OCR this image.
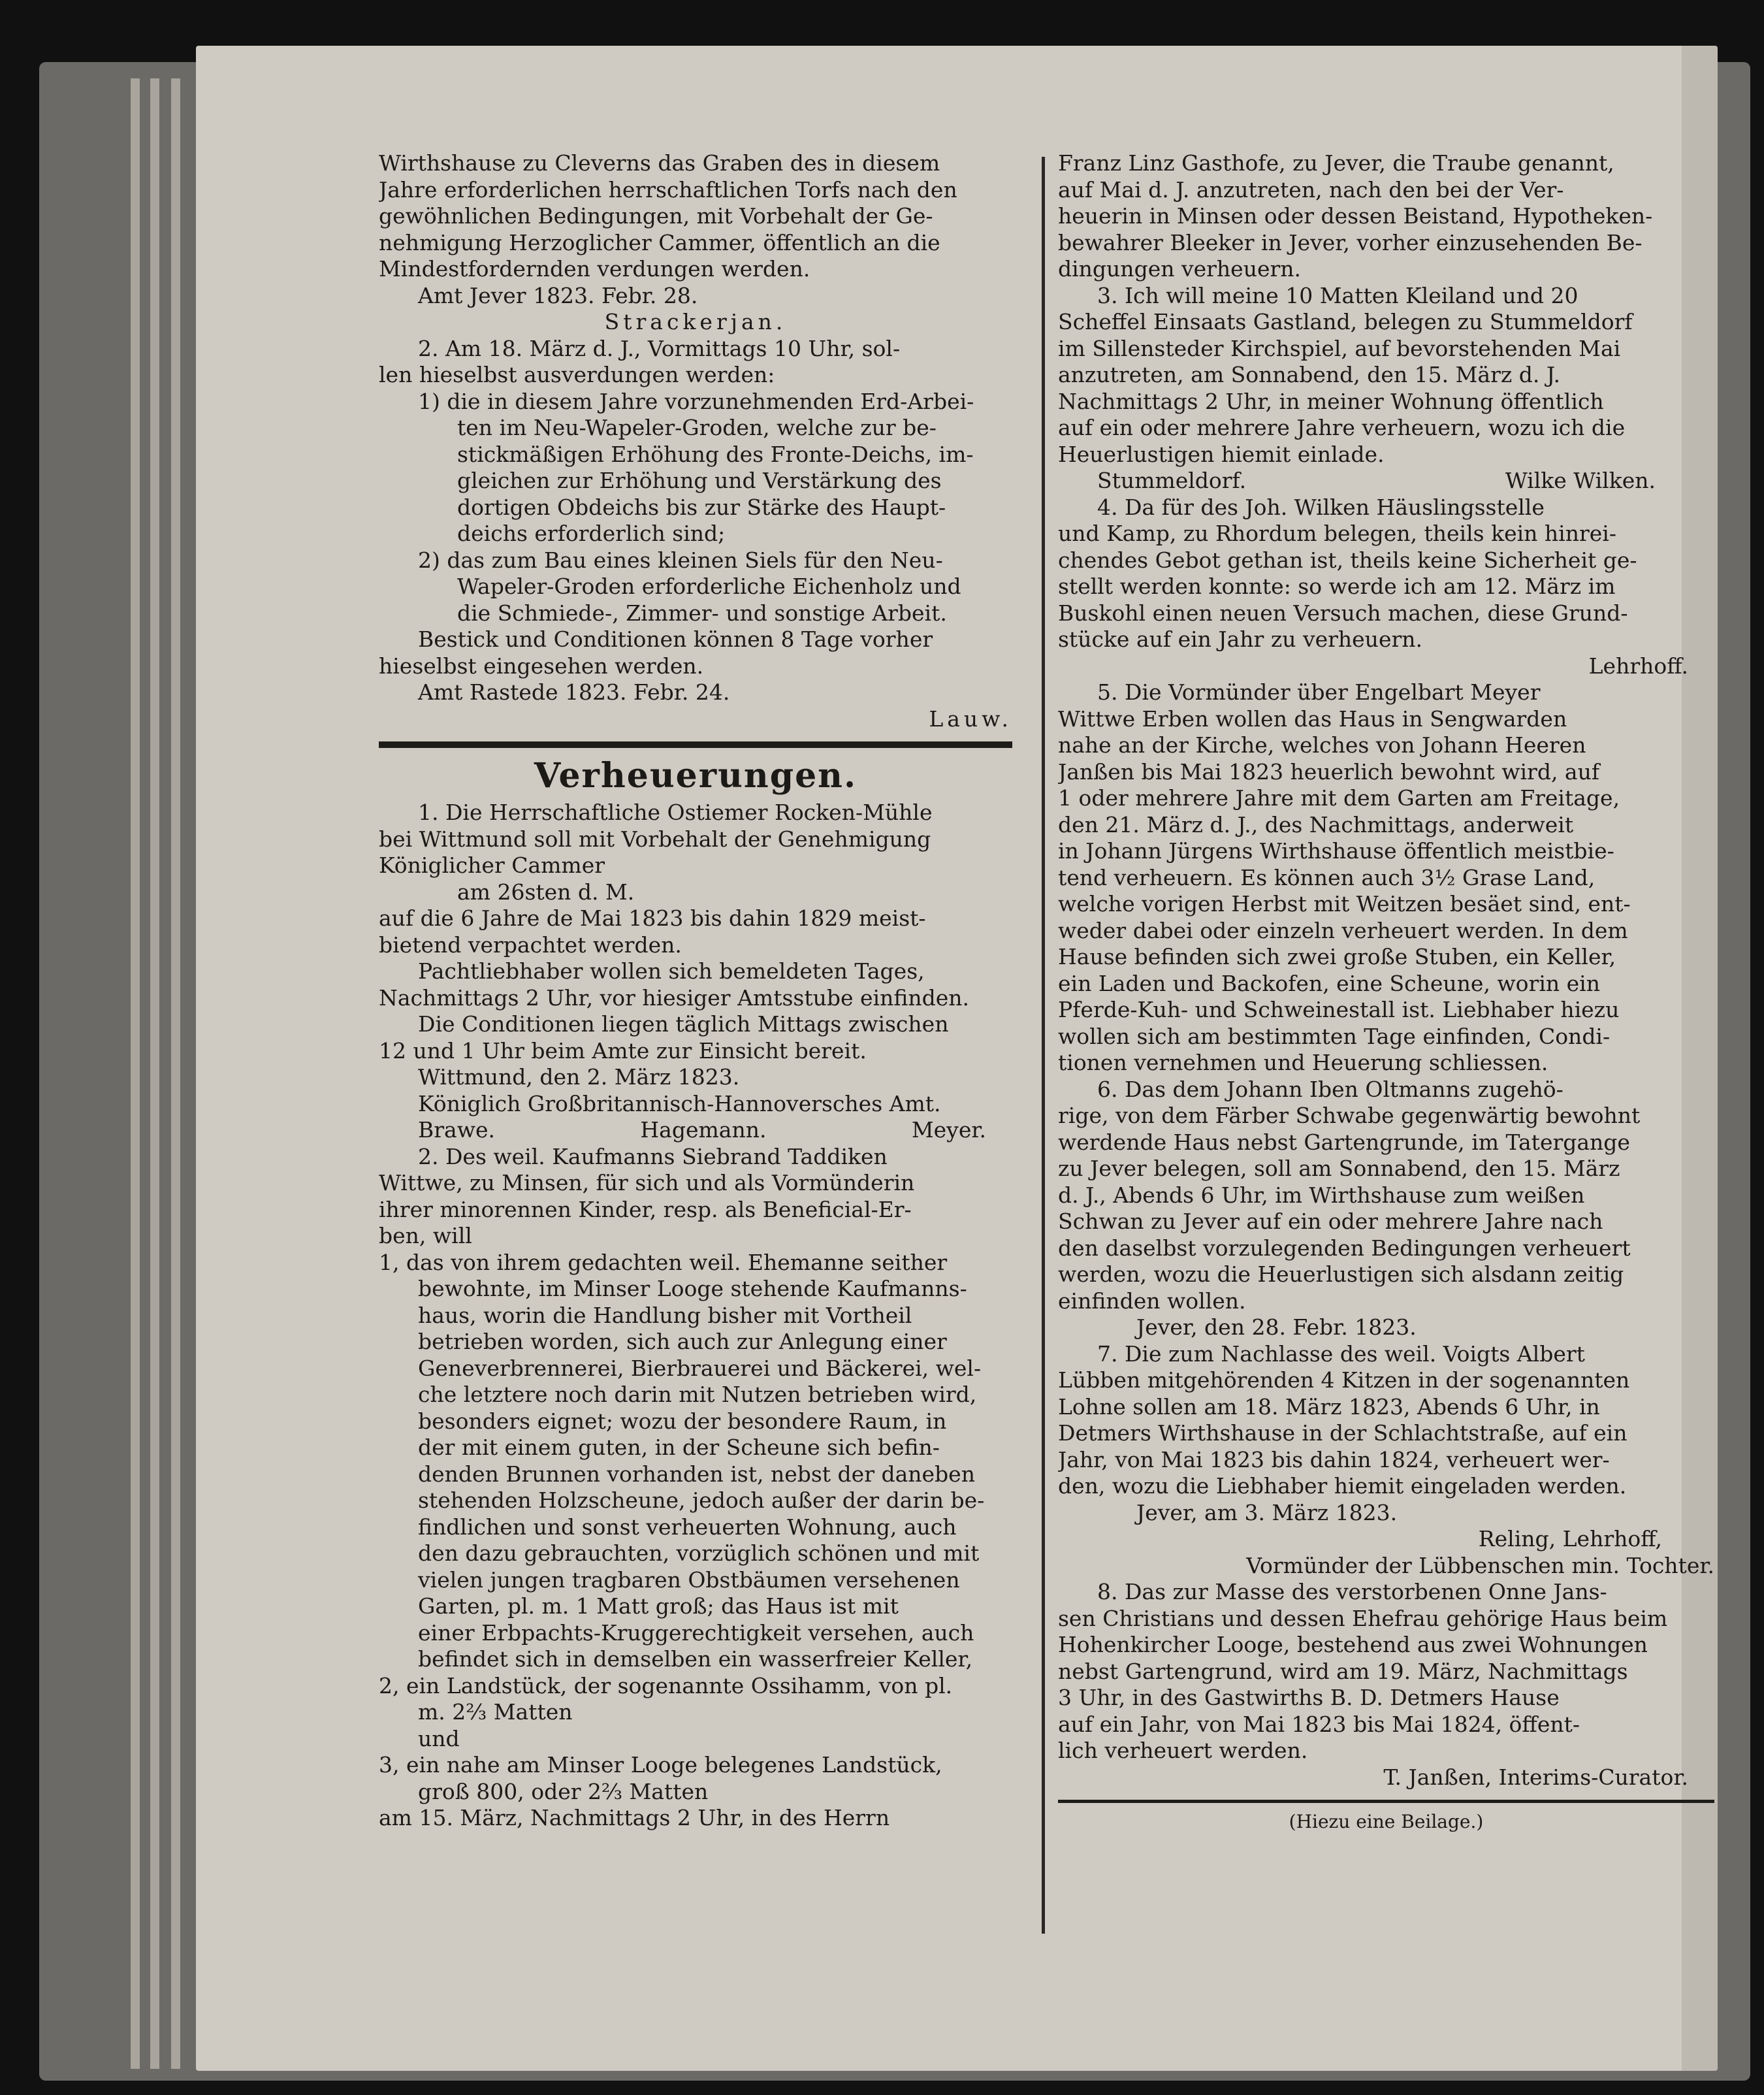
Wirthshause zu Cleverns das Graben des in diesem
Jahre erforderlichen herrschaftlichen Torfs nach den
gewöhnlichen Bedingungen, mit Vorbehalt der Ge-
nehmigung Herzoglicher Cammer, öffentlich an die
Mindestfordernden verdungen werden.
Amt Jever 1823. Febr. 28.
Strackerjan.
2. Am 18. März d. J., Vormittags 10 Uhr, sol-
len hieselbst ausverdungen werden:
1) die in diesem Jahre vorzunehmenden Erd-Arbei-
ten im Neu-Wapeler-Groden, welche zur be-
stickmäßigen Erhöhung des Fronte-Deichs, im-
gleichen zur Erhöhung und Verstärkung des
dortigen Obdeichs bis zur Stärke des Haupt-
deichs erforderlich sind;
2) das zum Bau eines kleinen Siels für den Neu-
Wapeler-Groden erforderliche Eichenholz und
die Schmiede-, Zimmer- und sonstige Arbeit.
Bestick und Conditionen können 8 Tage vorher
hieselbst eingesehen werden.
Amt Rastede 1823. Febr. 24.
Lauw.
Verheuerungen.
1. Die Herrschaftliche Ostiemer Rocken-Mühle
bei Wittmund soll mit Vorbehalt der Genehmigung
Königlicher Cammer
am 26sten d. M.
auf die 6 Jahre de Mai 1823 bis dahin 1829 meist-
bietend verpachtet werden.
Pachtliebhaber wollen sich bemeldeten Tages,
Nachmittags 2 Uhr, vor hiesiger Amtsstube einfinden.
Die Conditionen liegen täglich Mittags zwischen
12 und 1 Uhr beim Amte zur Einsicht bereit.
Wittmund, den 2. März 1823.
Königlich Großbritannisch-Hannoversches Amt.
Brawe.	Hagemann.	Meyer.
2. Des weil. Kaufmanns Siebrand Taddiken
Wittwe, zu Minsen, für sich und als Vormünderin
ihrer minorennen Kinder, resp. als Beneficial-Er-
ben, will
1, das von ihrem gedachten weil. Ehemanne seither
bewohnte, im Minser Looge stehende Kaufmanns-
haus, worin die Handlung bisher mit Vortheil
betrieben worden, sich auch zur Anlegung einer
Geneverbrennerei, Bierbrauerei und Bäckerei, wel-
che letztere noch darin mit Nutzen betrieben wird,
besonders eignet; wozu der besondere Raum, in
der mit einem guten, in der Scheune sich befin-
denden Brunnen vorhanden ist, nebst der daneben
stehenden Holzscheune, jedoch außer der darin be-
findlichen und sonst verheuerten Wohnung, auch
den dazu gebrauchten, vorzüglich schönen und mit
vielen jungen tragbaren Obstbäumen versehenen
Garten, pl. m. 1 Matt groß; das Haus ist mit
einer Erbpachts-Kruggerechtigkeit versehen, auch
befindet sich in demselben ein wasserfreier Keller,
2, ein Landstück, der sogenannte Ossihamm, von pl.
m. 2⅔ Matten
und
3, ein nahe am Minser Looge belegenes Landstück,
groß 800, oder 2⅔ Matten
am 15. März, Nachmittags 2 Uhr, in des Herrn
Franz Linz Gasthofe, zu Jever, die Traube genannt,
auf Mai d. J. anzutreten, nach den bei der Ver-
heuerin in Minsen oder dessen Beistand, Hypotheken-
bewahrer Bleeker in Jever, vorher einzusehenden Be-
dingungen verheuern.
3. Ich will meine 10 Matten Kleiland und 20
Scheffel Einsaats Gastland, belegen zu Stummeldorf
im Sillensteder Kirchspiel, auf bevorstehenden Mai
anzutreten, am Sonnabend, den 15. März d. J.
Nachmittags 2 Uhr, in meiner Wohnung öffentlich
auf ein oder mehrere Jahre verheuern, wozu ich die
Heuerlustigen hiemit einlade.
Stummeldorf.	Wilke Wilken.
4. Da für des Joh. Wilken Häuslingsstelle
und Kamp, zu Rhordum belegen, theils kein hinrei-
chendes Gebot gethan ist, theils keine Sicherheit ge-
stellt werden konnte: so werde ich am 12. März im
Buskohl einen neuen Versuch machen, diese Grund-
stücke auf ein Jahr zu verheuern.
Lehrhoff.
5. Die Vormünder über Engelbart Meyer
Wittwe Erben wollen das Haus in Sengwarden
nahe an der Kirche, welches von Johann Heeren
Janßen bis Mai 1823 heuerlich bewohnt wird, auf
1 oder mehrere Jahre mit dem Garten am Freitage,
den 21. März d. J., des Nachmittags, anderweit
in Johann Jürgens Wirthshause öffentlich meistbie-
tend verheuern. Es können auch 3½ Grase Land,
welche vorigen Herbst mit Weitzen besäet sind, ent-
weder dabei oder einzeln verheuert werden. In dem
Hause befinden sich zwei große Stuben, ein Keller,
ein Laden und Backofen, eine Scheune, worin ein
Pferde-Kuh- und Schweinestall ist. Liebhaber hiezu
wollen sich am bestimmten Tage einfinden, Condi-
tionen vernehmen und Heuerung schliessen.
6. Das dem Johann Iben Oltmanns zugehö-
rige, von dem Färber Schwabe gegenwärtig bewohnt
werdende Haus nebst Gartengrunde, im Tatergange
zu Jever belegen, soll am Sonnabend, den 15. März
d. J., Abends 6 Uhr, im Wirthshause zum weißen
Schwan zu Jever auf ein oder mehrere Jahre nach
den daselbst vorzulegenden Bedingungen verheuert
werden, wozu die Heuerlustigen sich alsdann zeitig
einfinden wollen.
Jever, den 28. Febr. 1823.
7. Die zum Nachlasse des weil. Voigts Albert
Lübben mitgehörenden 4 Kitzen in der sogenannten
Lohne sollen am 18. März 1823, Abends 6 Uhr, in
Detmers Wirthshause in der Schlachtstraße, auf ein
Jahr, von Mai 1823 bis dahin 1824, verheuert wer-
den, wozu die Liebhaber hiemit eingeladen werden.
Jever, am 3. März 1823.
Reling, Lehrhoff,
Vormünder der Lübbenschen min. Tochter.
8. Das zur Masse des verstorbenen Onne Jans-
sen Christians und dessen Ehefrau gehörige Haus beim
Hohenkircher Looge, bestehend aus zwei Wohnungen
nebst Gartengrund, wird am 19. März, Nachmittags
3 Uhr, in des Gastwirths B. D. Detmers Hause
auf ein Jahr, von Mai 1823 bis Mai 1824, öffent-
lich verheuert werden.
T. Janßen, Interims-Curator.
(Hiezu eine Beilage.)
